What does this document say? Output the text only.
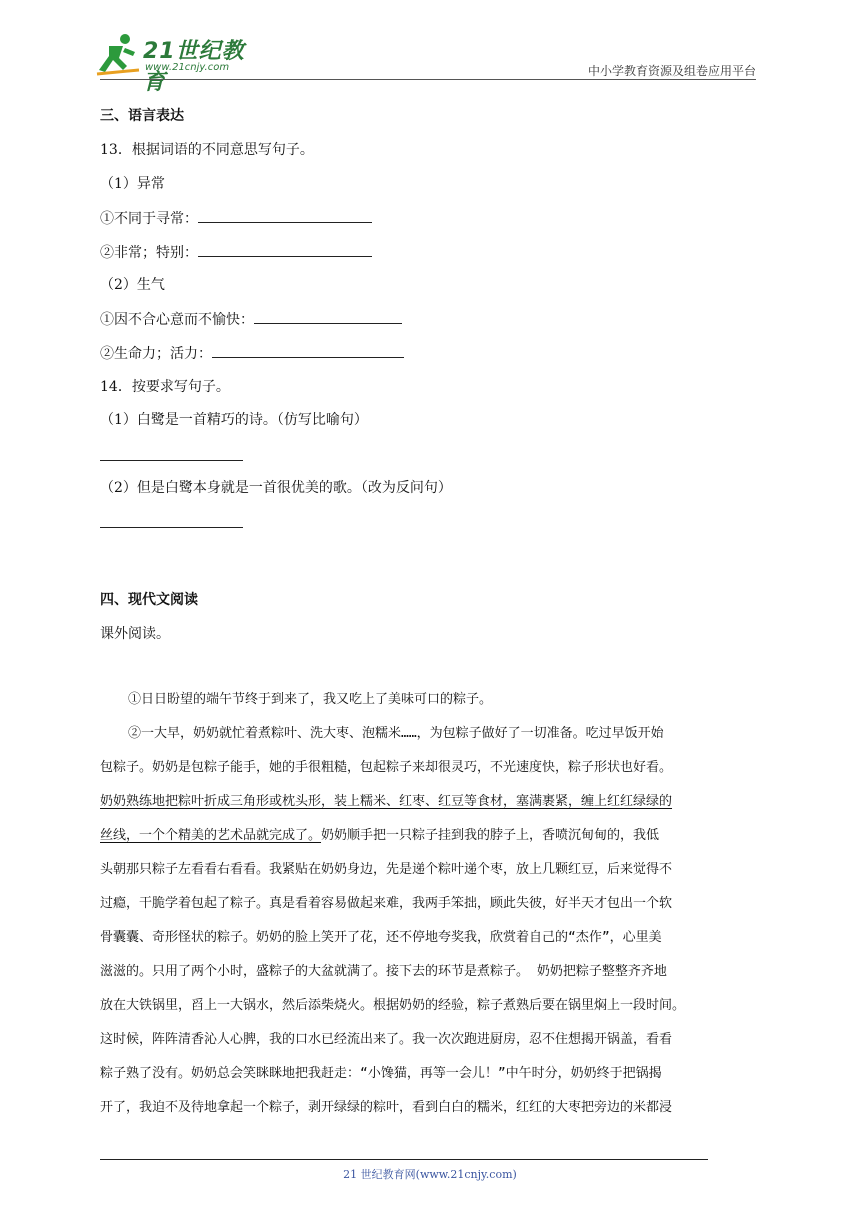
21世纪教育
www.21cnjy.com	中小学教育资源及组卷应用平台
三、语言表达
13．根据词语的不同意思写句子。
（1）异常
①不同于寻常：
②非常；特别：
（2）生气
①因不合心意而不愉快：
②生命力；活力：
14．按要求写句子。
（1）白鹭是一首精巧的诗。（仿写比喻句）
（2）但是白鹭本身就是一首很优美的歌。（改为反问句）
四、现代文阅读
课外阅读。
①日日盼望的端午节终于到来了，我又吃上了美味可口的粽子。
②一大早，奶奶就忙着煮粽叶、洗大枣、泡糯米……，为包粽子做好了一切准备。吃过早饭开始
包粽子。奶奶是包粽子能手，她的手很粗糙，包起粽子来却很灵巧，不光速度快，粽子形状也好看。
奶奶熟练地把粽叶折成三角形或枕头形，装上糯米、红枣、红豆等食材，塞满裹紧，缠上红红绿绿的
丝线，一个个精美的艺术品就完成了。奶奶顺手把一只粽子挂到我的脖子上，香喷沉甸甸的，我低
头朝那只粽子左看看右看看。我紧贴在奶奶身边，先是递个粽叶递个枣，放上几颗红豆，后来觉得不
过瘾，干脆学着包起了粽子。真是看着容易做起来难，我两手笨拙，顾此失彼，好半天才包出一个软
骨囊囊、奇形怪状的粽子。奶奶的脸上笑开了花，还不停地夸奖我，欣赏着自己的“杰作”，心里美
滋滋的。只用了两个小时，盛粽子的大盆就满了。接下去的环节是煮粽子。 奶奶把粽子整整齐齐地
放在大铁锅里，舀上一大锅水，然后添柴烧火。根据奶奶的经验，粽子煮熟后要在锅里焖上一段时间。
这时候，阵阵清香沁人心脾，我的口水已经流出来了。我一次次跑进厨房，忍不住想揭开锅盖，看看
粽子熟了没有。奶奶总会笑眯眯地把我赶走：“小馋猫，再等一会儿！”中午时分，奶奶终于把锅揭
开了，我迫不及待地拿起一个粽子，剥开绿绿的粽叶，看到白白的糯米，红红的大枣把旁边的米都浸
21 世纪教育网(www.21cnjy.com)
